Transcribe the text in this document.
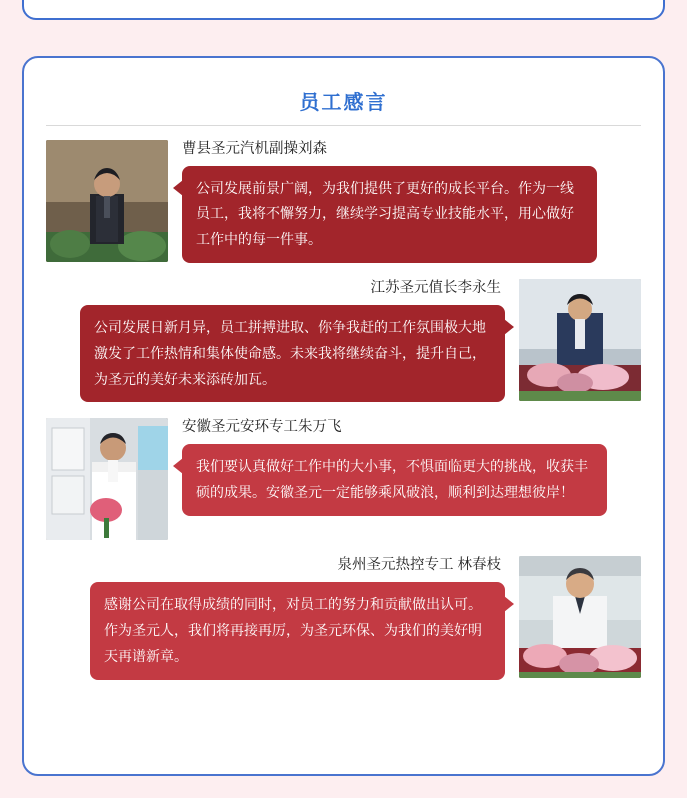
员工感言
曹县圣元汽机副操刘森
公司发展前景广阔，为我们提供了更好的成长平台。作为一线员工，我将不懈努力，继续学习提高专业技能水平，用心做好工作中的每一件事。
江苏圣元值长李永生
公司发展日新月异，员工拼搏进取、你争我赶的工作氛围极大地激发了工作热情和集体使命感。未来我将继续奋斗，提升自己，为圣元的美好未来添砖加瓦。
安徽圣元安环专工朱万飞
我们要认真做好工作中的大小事，不惧面临更大的挑战，收获丰硕的成果。安徽圣元一定能够乘风破浪，顺利到达理想彼岸！
泉州圣元热控专工 林春枝
感谢公司在取得成绩的同时，对员工的努力和贡献做出认可。作为圣元人，我们将再接再厉，为圣元环保、为我们的美好明天再谱新章。
